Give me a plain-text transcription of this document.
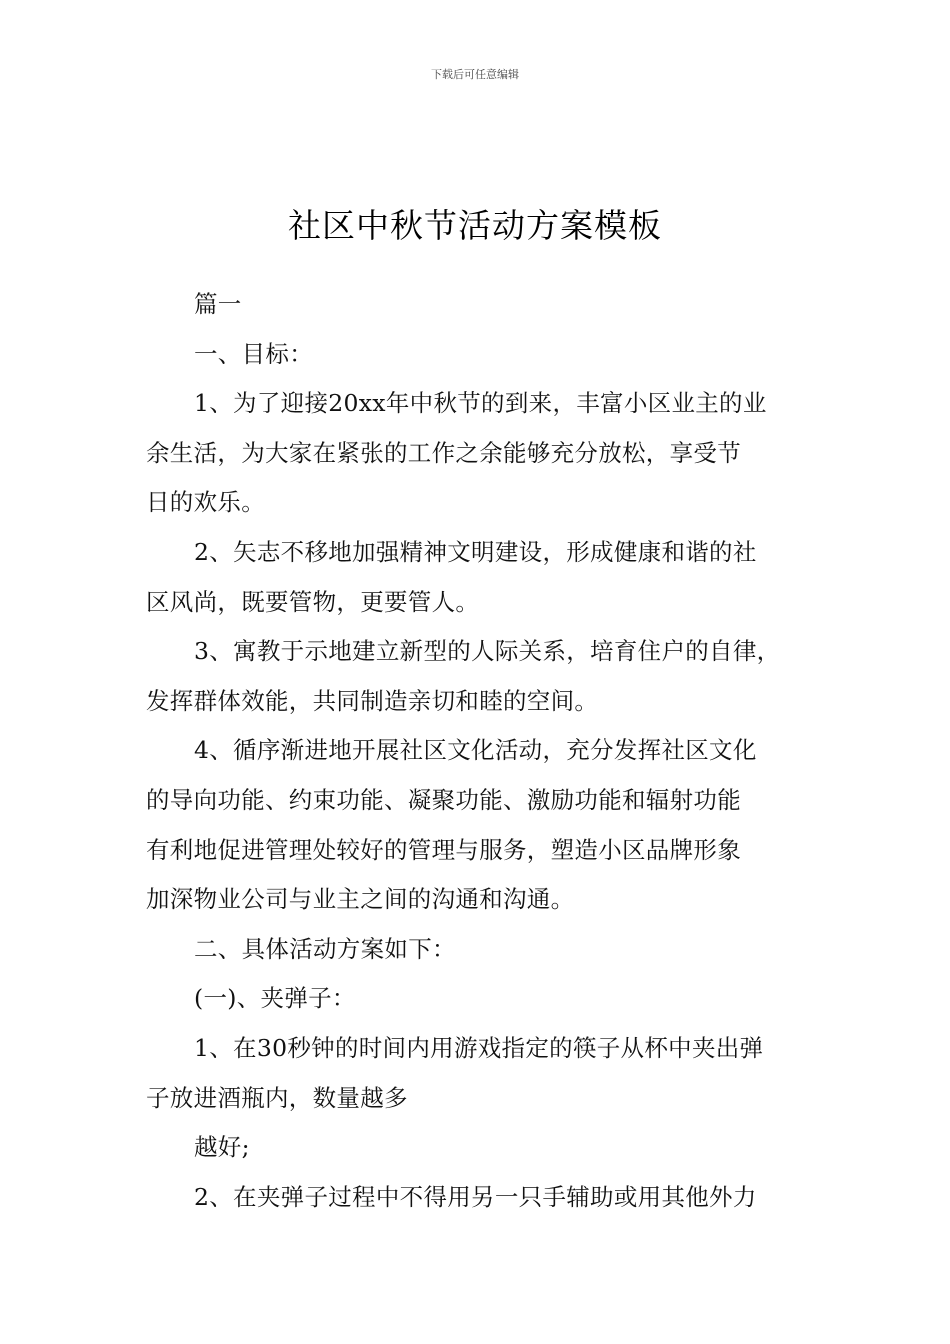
下载后可任意编辑
社区中秋节活动方案模板
篇一
一、目标：
1、为了迎接20xx年中秋节的到来，丰富小区业主的业
余生活，为大家在紧张的工作之余能够充分放松，享受节
日的欢乐。
2、矢志不移地加强精神文明建设，形成健康和谐的社
区风尚，既要管物，更要管人。
3、寓教于示地建立新型的人际关系，培育住户的自律，
发挥群体效能，共同制造亲切和睦的空间。
4、循序渐进地开展社区文化活动，充分发挥社区文化
的导向功能、约束功能、凝聚功能、激励功能和辐射功能
有利地促进管理处较好的管理与服务，塑造小区品牌形象
加深物业公司与业主之间的沟通和沟通。
二、具体活动方案如下：
(一)、夹弹子：
1、在30秒钟的时间内用游戏指定的筷子从杯中夹出弹
子放进酒瓶内，数量越多
越好;
2、在夹弹子过程中不得用另一只手辅助或用其他外力
